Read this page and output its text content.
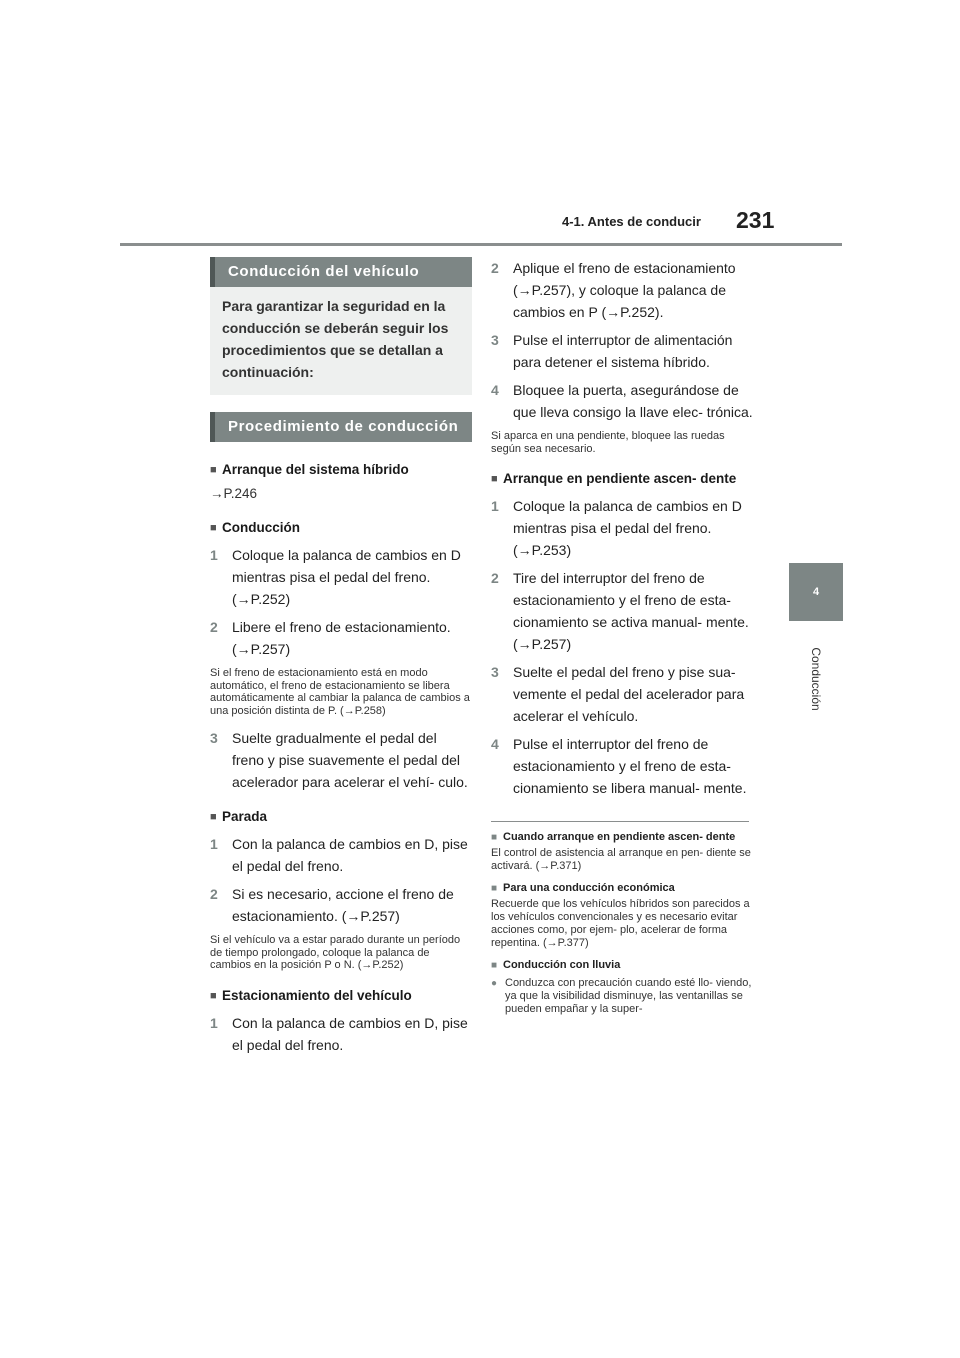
4-1. Antes de conducir 231
4
Conducción
Conducción del vehículo

Para garantizar la seguridad en la conducción se deberán seguir los procedimientos que se detallan a continuación:

Procedimiento de conducción
■ Arranque del sistema híbrido
→P.246
■ Conducción
1	Coloque la palanca de cambios en D mientras pisa el pedal del freno. (→P.252)
2	Libere el freno de estacionamiento. (→P.257)
Si el freno de estacionamiento está en modo automático, el freno de estacionamiento se libera automáticamente al cambiar la palanca de cambios a una posición distinta de P. (→P.258)
3	Suelte gradualmente el pedal del freno y pise suavemente el pedal del acelerador para acelerar el vehí- culo.
■ Parada
1	Con la palanca de cambios en D, pise el pedal del freno.
2	Si es necesario, accione el freno de estacionamiento. (→P.257)
Si el vehículo va a estar parado durante un período de tiempo prolongado, coloque la palanca de cambios en la posición P o N. (→P.252)
■ Estacionamiento del vehículo
1	Con la palanca de cambios en D, pise el pedal del freno.
2	Aplique el freno de estacionamiento (→P.257), y coloque la palanca de cambios en P (→P.252).
3	Pulse el interruptor de alimentación para detener el sistema híbrido.
4	Bloquee la puerta, asegurándose de que lleva consigo la llave elec- trónica.
Si aparca en una pendiente, bloquee las ruedas según sea necesario.
■ Arranque en pendiente ascen- dente
1	Coloque la palanca de cambios en D mientras pisa el pedal del freno. (→P.253)
2	Tire del interruptor del freno de estacionamiento y el freno de esta- cionamiento se activa manual- mente. (→P.257)
3	Suelte el pedal del freno y pise sua- vemente el pedal del acelerador para acelerar el vehículo.
4	Pulse el interruptor del freno de estacionamiento y el freno de esta- cionamiento se libera manual- mente.
■ Cuando arranque en pendiente ascen- dente
El control de asistencia al arranque en pen- diente se activará. (→P.371)
■ Para una conducción económica
Recuerde que los vehículos híbridos son parecidos a los vehículos convencionales y es necesario evitar acciones como, por ejem- plo, acelerar de forma repentina. (→P.377)
■ Conducción con lluvia
● Conduzca con precaución cuando esté llo- viendo, ya que la visibilidad disminuye, las ventanillas se pueden empañar y la super-
